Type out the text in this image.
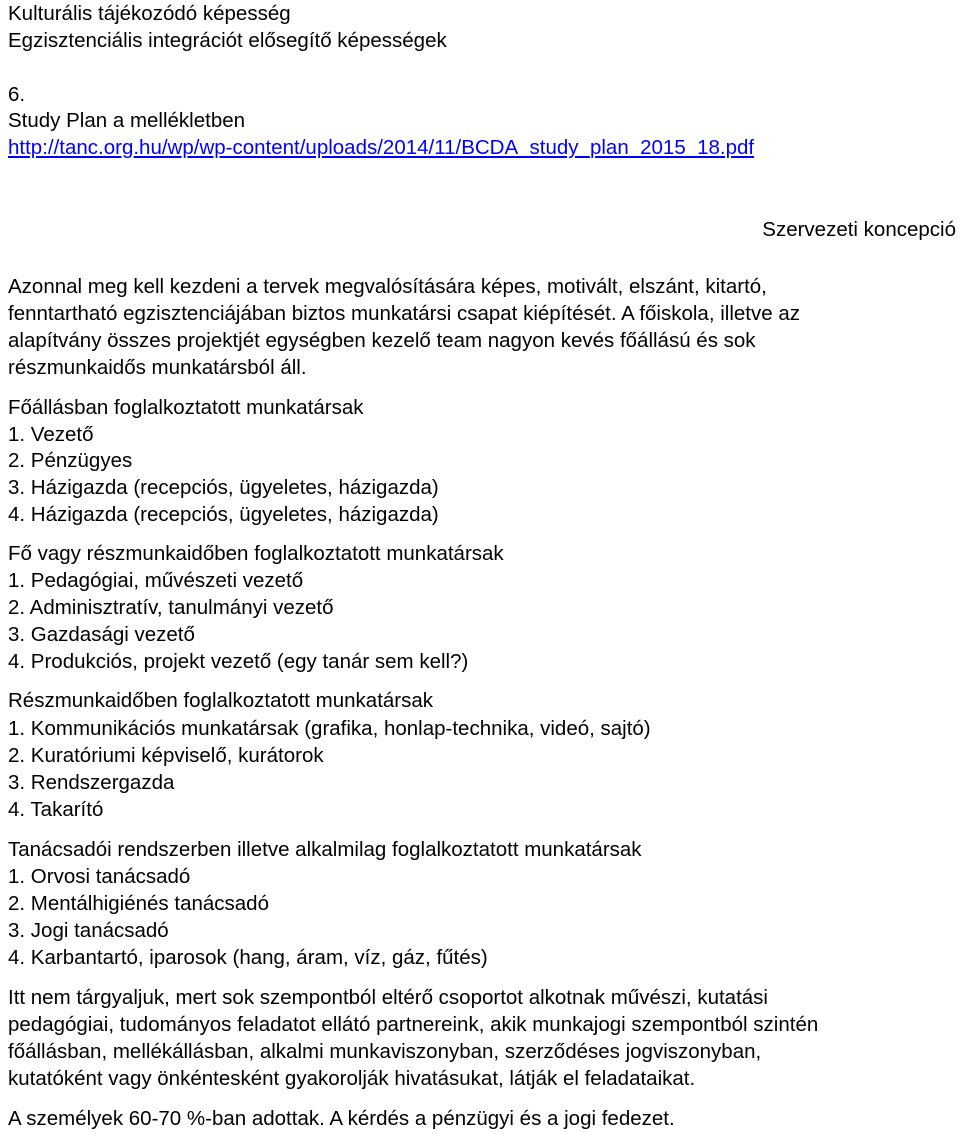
Kulturális tájékozódó képesség
Egzisztenciális integrációt elősegítő képességek
6.
Study Plan a mellékletben
http://tanc.org.hu/wp/wp-content/uploads/2014/11/BCDA_study_plan_2015_18.pdf
Szervezeti koncepció
Azonnal meg kell kezdeni a tervek megvalósítására képes, motivált, elszánt, kitartó,
fenntartható egzisztenciájában biztos munkatársi csapat kiépítését. A főiskola, illetve az
alapítvány összes projektjét egységben kezelő team nagyon kevés főállású és sok
részmunkaidős munkatársból áll.
Főállásban foglalkoztatott munkatársak
1. Vezető
2. Pénzügyes
3. Házigazda (recepciós, ügyeletes, házigazda)
4. Házigazda (recepciós, ügyeletes, házigazda)
Fő vagy részmunkaidőben foglalkoztatott munkatársak
1. Pedagógiai, művészeti vezető
2. Adminisztratív, tanulmányi vezető
3. Gazdasági vezető
4. Produkciós, projekt vezető (egy tanár sem kell?)
Részmunkaidőben foglalkoztatott munkatársak
1. Kommunikációs munkatársak (grafika, honlap-technika, videó, sajtó)
2. Kuratóriumi képviselő, kurátorok
3. Rendszergazda
4. Takarító
Tanácsadói rendszerben illetve alkalmilag foglalkoztatott munkatársak
1. Orvosi tanácsadó
2. Mentálhigiénés tanácsadó
3. Jogi tanácsadó
4. Karbantartó, iparosok (hang, áram, víz, gáz, fűtés)
Itt nem tárgyaljuk, mert sok szempontból eltérő csoportot alkotnak művészi, kutatási
pedagógiai, tudományos feladatot ellátó partnereink, akik munkajogi szempontból szintén
főállásban, mellékállásban, alkalmi munkaviszonyban, szerződéses jogviszonyban,
kutatóként vagy önkéntesként gyakorolják hivatásukat, látják el feladataikat.
A személyek 60-70 %-ban adottak. A kérdés a pénzügyi és a jogi fedezet.
